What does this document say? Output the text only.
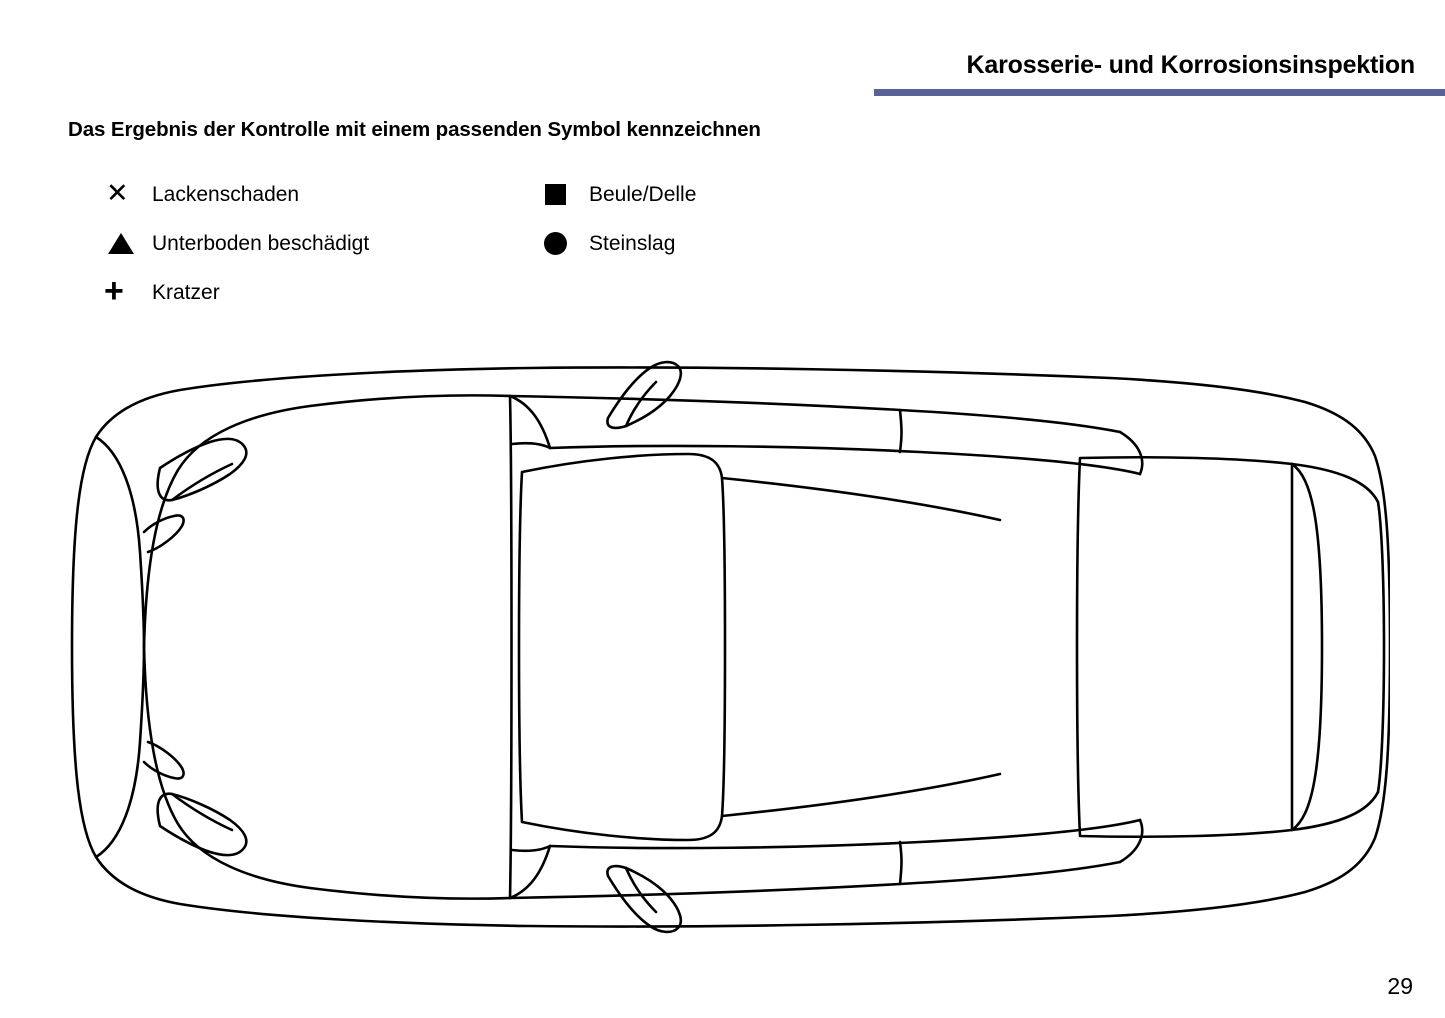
Karosserie- und Korrosionsinspektion
Das Ergebnis der Kontrolle mit einem passenden Symbol kennzeichnen
✕ Lackenschaden
Unterboden beschädigt
+ Kratzer
Beule/Delle
Steinslag
29
